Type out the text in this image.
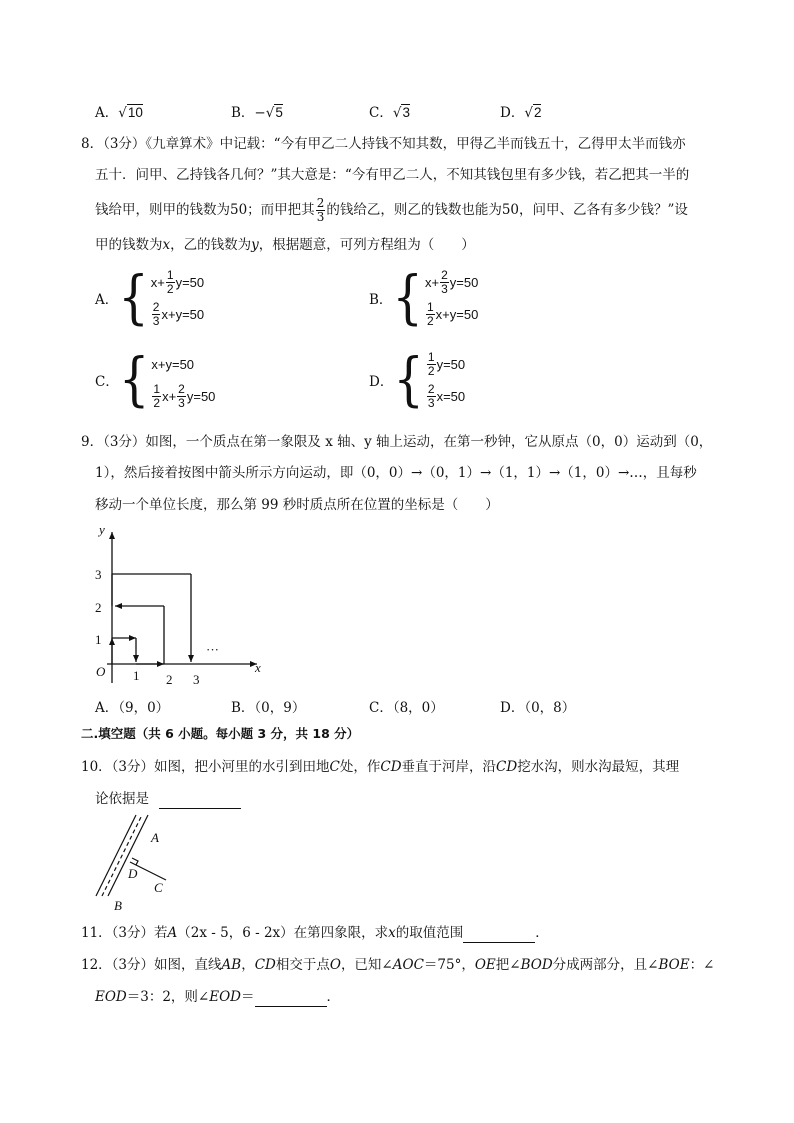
A．√10	B．−√5	C．√3	D．√2
8．（3分）《九章算术》中记载：“今有甲乙二人持钱不知其数，甲得乙半而钱五十，乙得甲太半而钱亦
五十．问甲、乙持钱各几何？”其大意是：“今有甲乙二人，不知其钱包里有多少钱，若乙把其一半的
钱给甲，则甲的钱数为50；而甲把其 $\frac{2}{3}$ 的钱给乙，则乙的钱数也能为50，问甲、乙各有多少钱？”设
甲的钱数为x，乙的钱数为y，根据题意，可列方程组为（　　）
A． { $x+ \frac{1}{2} y=50$
$\frac{2}{3} x+y=50$
B． { $x+ \frac{2}{3} y=50$
$\frac{1}{2} x+y=50$
C． { x+y=50
$\frac{1}{2} x+ \frac{2}{3} y=50$
D． { $\frac{1}{2} y=50$
$\frac{2}{3} x=50$
9．（3分）如图，一个质点在第一象限及 x 轴、y 轴上运动，在第一秒钟，它从原点（0，0）运动到（0，
1），然后接着按图中箭头所示方向运动，即（0，0）→（0，1）→（1，1）→（1，0）→…，且每秒
移动一个单位长度，那么第 99 秒时质点所在位置的坐标是（　　）
y
x
O
1
2
3
1 2 3
···
A．（9，0）	B．（0，9）	C．（8，0）	D．（0，8）
二.填空题（共 6 小题。每小题 3 分，共 18 分）
10．（3分）如图，把小河里的水引到田地C处，作CD垂直于河岸，沿CD挖水沟，则水沟最短，其理
论依据是
A
D
C
B
11．（3分）若A（2x - 5，6 - 2x）在第四象限，求x的取值范围	．
12．（3分）如图，直线AB，CD相交于点O，已知∠AOC＝75°，OE把∠BOD分成两部分，且∠BOE：∠
EOD＝3：2，则∠EOD＝	．
